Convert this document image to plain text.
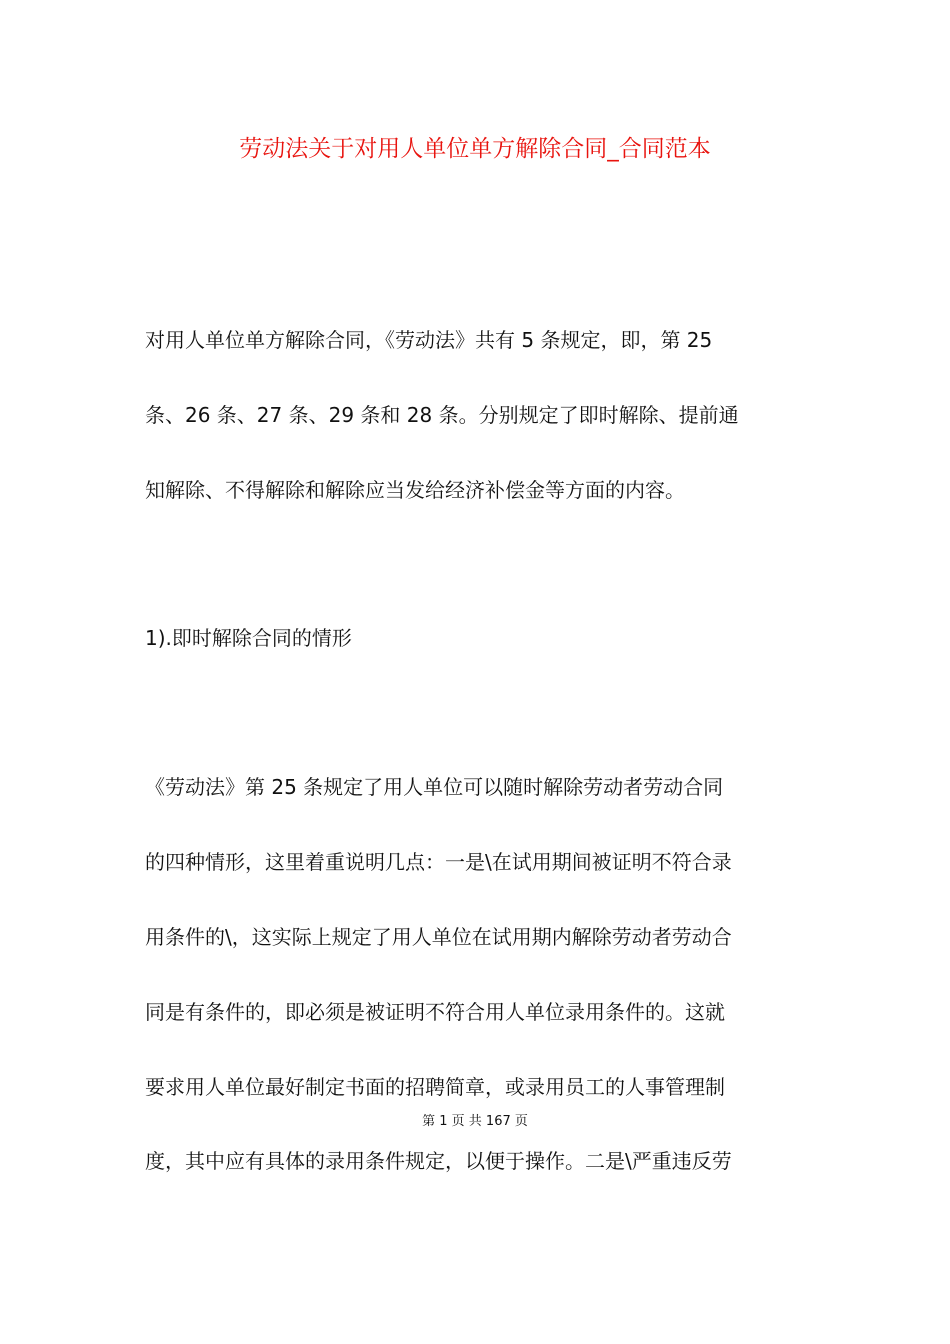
劳动法关于对用人单位单方解除合同_合同范本
对用人单位单方解除合同，《劳动法》共有 5 条规定，即，第 25
条、26 条、27 条、29 条和 28 条。分别规定了即时解除、提前通
知解除、不得解除和解除应当发给经济补偿金等方面的内容。
1).即时解除合同的情形
《劳动法》第 25 条规定了用人单位可以随时解除劳动者劳动合同
的四种情形，这里着重说明几点：一是\在试用期间被证明不符合录
用条件的\，这实际上规定了用人单位在试用期内解除劳动者劳动合
同是有条件的，即必须是被证明不符合用人单位录用条件的。这就
要求用人单位最好制定书面的招聘简章，或录用员工的人事管理制
第 1 页 共 167 页
度，其中应有具体的录用条件规定，以便于操作。二是\严重违反劳
